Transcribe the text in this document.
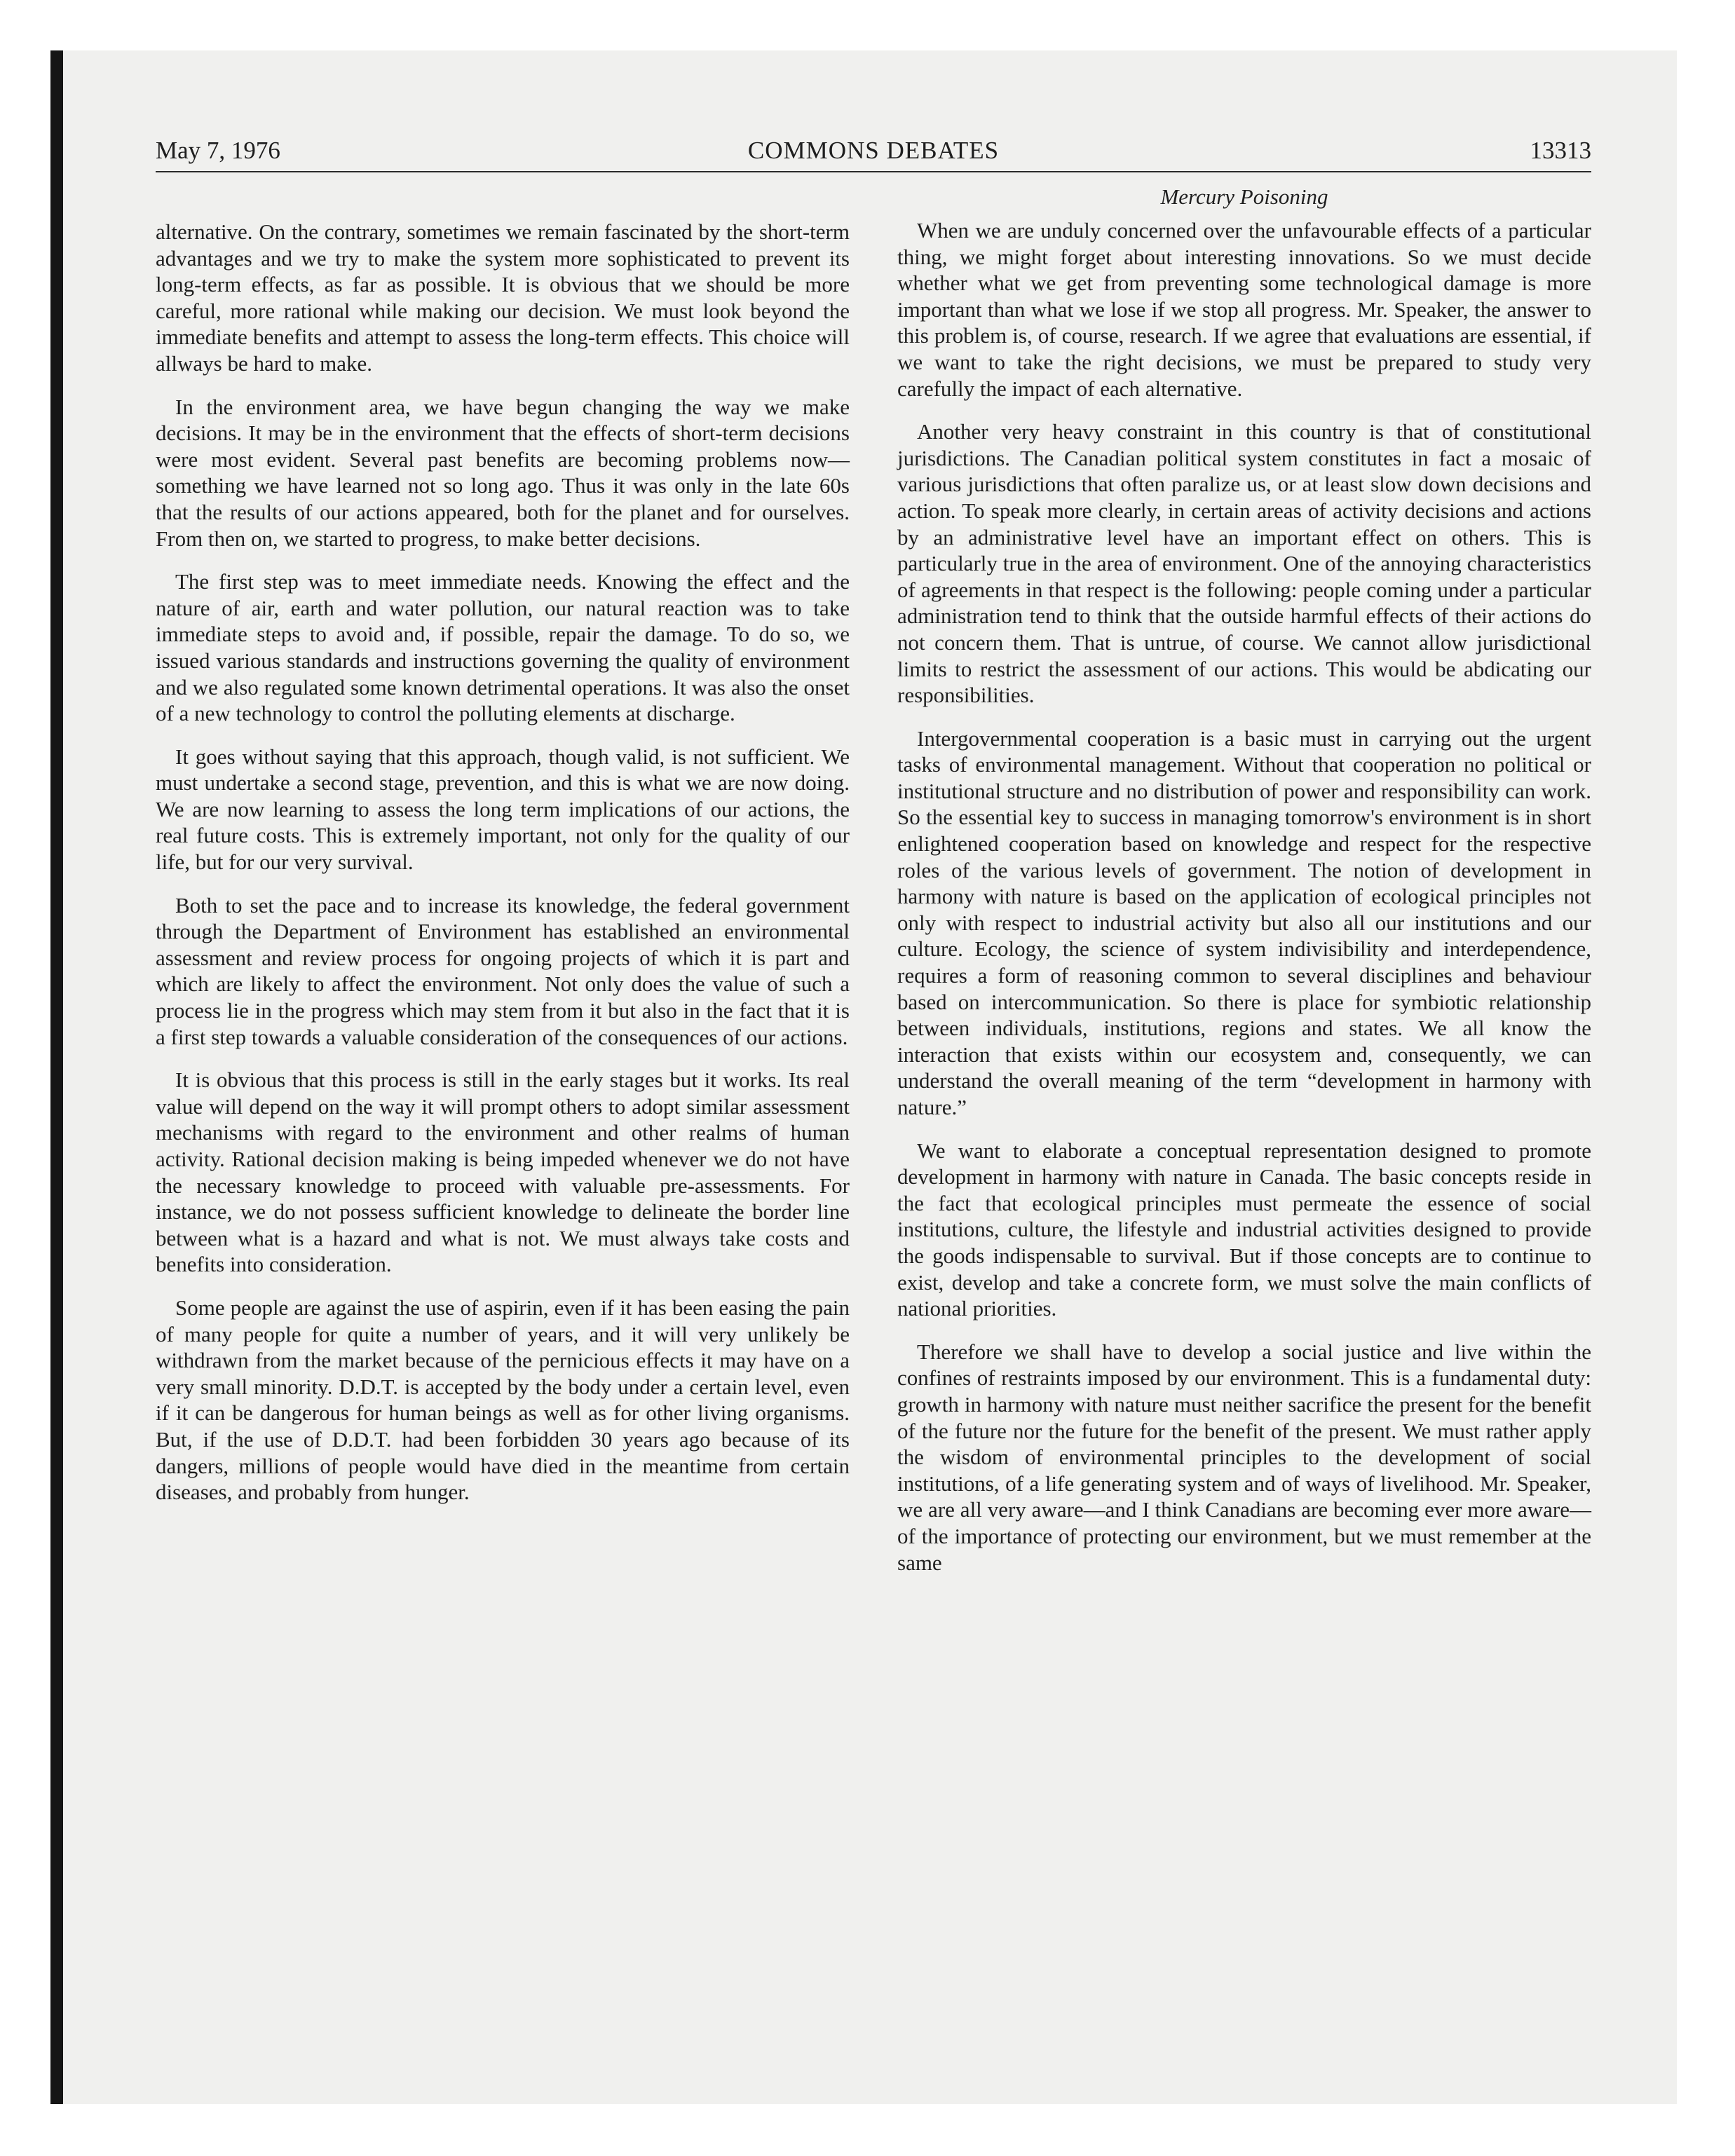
May 7, 1976	COMMONS DEBATES	13313

alternative. On the contrary, sometimes we remain fascinated by the short-term advantages and we try to make the system more sophisticated to prevent its long-term effects, as far as possible. It is obvious that we should be more careful, more rational while making our decision. We must look beyond the immediate benefits and attempt to assess the long-term effects. This choice will allways be hard to make.

In the environment area, we have begun changing the way we make decisions. It may be in the environment that the effects of short-term decisions were most evident. Several past benefits are becoming problems now—something we have learned not so long ago. Thus it was only in the late 60s that the results of our actions appeared, both for the planet and for ourselves. From then on, we started to progress, to make better decisions.

The first step was to meet immediate needs. Knowing the effect and the nature of air, earth and water pollution, our natural reaction was to take immediate steps to avoid and, if possible, repair the damage. To do so, we issued various standards and instructions governing the quality of environment and we also regulated some known detrimental operations. It was also the onset of a new technology to control the polluting elements at discharge.

It goes without saying that this approach, though valid, is not sufficient. We must undertake a second stage, prevention, and this is what we are now doing. We are now learning to assess the long term implications of our actions, the real future costs. This is extremely important, not only for the quality of our life, but for our very survival.

Both to set the pace and to increase its knowledge, the federal government through the Department of Environment has established an environmental assessment and review process for ongoing projects of which it is part and which are likely to affect the environment. Not only does the value of such a process lie in the progress which may stem from it but also in the fact that it is a first step towards a valuable consideration of the consequences of our actions.

It is obvious that this process is still in the early stages but it works. Its real value will depend on the way it will prompt others to adopt similar assessment mechanisms with regard to the environment and other realms of human activity. Rational decision making is being impeded whenever we do not have the necessary knowledge to proceed with valuable pre-assessments. For instance, we do not possess sufficient knowledge to delineate the border line between what is a hazard and what is not. We must always take costs and benefits into consideration.

Some people are against the use of aspirin, even if it has been easing the pain of many people for quite a number of years, and it will very unlikely be withdrawn from the market because of the pernicious effects it may have on a very small minority. D.D.T. is accepted by the body under a certain level, even if it can be dangerous for human beings as well as for other living organisms. But, if the use of D.D.T. had been forbidden 30 years ago because of its dangers, millions of people would have died in the meantime from certain diseases, and probably from hunger.

Mercury Poisoning

When we are unduly concerned over the unfavourable effects of a particular thing, we might forget about interesting innovations. So we must decide whether what we get from preventing some technological damage is more important than what we lose if we stop all progress. Mr. Speaker, the answer to this problem is, of course, research. If we agree that evaluations are essential, if we want to take the right decisions, we must be prepared to study very carefully the impact of each alternative.

Another very heavy constraint in this country is that of constitutional jurisdictions. The Canadian political system constitutes in fact a mosaic of various jurisdictions that often paralize us, or at least slow down decisions and action. To speak more clearly, in certain areas of activity decisions and actions by an administrative level have an important effect on others. This is particularly true in the area of environment. One of the annoying characteristics of agreements in that respect is the following: people coming under a particular administration tend to think that the outside harmful effects of their actions do not concern them. That is untrue, of course. We cannot allow jurisdictional limits to restrict the assessment of our actions. This would be abdicating our responsibilities.

Intergovernmental cooperation is a basic must in carrying out the urgent tasks of environmental management. Without that cooperation no political or institutional structure and no distribution of power and responsibility can work. So the essential key to success in managing tomorrow's environment is in short enlightened cooperation based on knowledge and respect for the respective roles of the various levels of government. The notion of development in harmony with nature is based on the application of ecological principles not only with respect to industrial activity but also all our institutions and our culture. Ecology, the science of system indivisibility and interdependence, requires a form of reasoning common to several disciplines and behaviour based on intercommunication. So there is place for symbiotic relationship between individuals, institutions, regions and states. We all know the interaction that exists within our ecosystem and, consequently, we can understand the overall meaning of the term “development in harmony with nature.”

We want to elaborate a conceptual representation designed to promote development in harmony with nature in Canada. The basic concepts reside in the fact that ecological principles must permeate the essence of social institutions, culture, the lifestyle and industrial activities designed to provide the goods indispensable to survival. But if those concepts are to continue to exist, develop and take a concrete form, we must solve the main conflicts of national priorities.

Therefore we shall have to develop a social justice and live within the confines of restraints imposed by our environment. This is a fundamental duty: growth in harmony with nature must neither sacrifice the present for the benefit of the future nor the future for the benefit of the present. We must rather apply the wisdom of environmental principles to the development of social institutions, of a life generating system and of ways of livelihood. Mr. Speaker, we are all very aware—and I think Canadians are becoming ever more aware—of the importance of protecting our environment, but we must remember at the same
